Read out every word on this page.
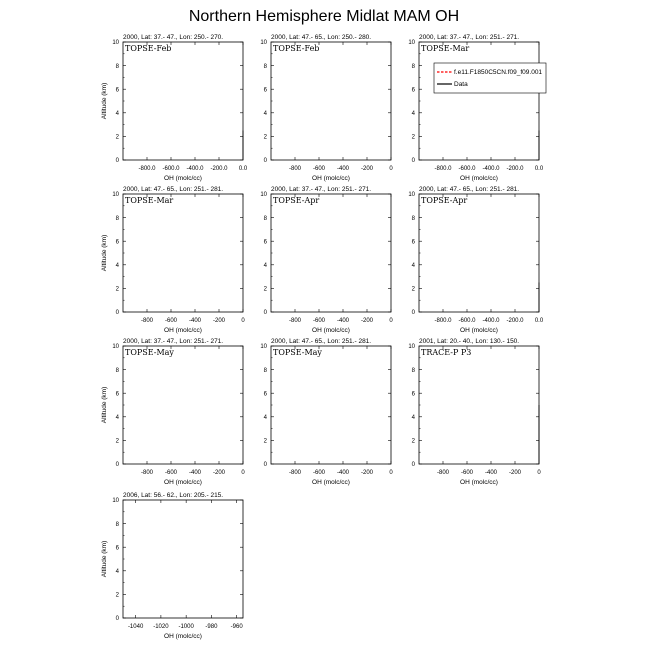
Northern Hemisphere Midlat MAM OH
2000, Lat: 37.- 47., Lon: 250.- 270.
0
2
4
6
8
10
-800.0 -600.0 -400.0 -200.0 0.0
OH (molc/cc)
Altitude (km)
TOPSE-Feb
2000, Lat: 47.- 65., Lon: 250.- 280.
0
2
4
6
8
10
-800 -600 -400 -200	0
OH (molc/cc)
TOPSE-Feb
2000, Lat: 37.- 47., Lon: 251.- 271.
0
2
4
6
8
10
-800.0 -600.0 -400.0 -200.0 0.0
OH (molc/cc)
TOPSE-Mar
2000, Lat: 47.- 65., Lon: 251.- 281.
0
2
4
6
8
10
-800 -600 -400 -200	0
OH (molc/cc)
Altitude (km)
TOPSE-Mar
2000, Lat: 37.- 47., Lon: 251.- 271.
0
2
4
6
8
10
-800 -600 -400 -200	0
OH (molc/cc)
TOPSE-Apr
2000, Lat: 47.- 65., Lon: 251.- 281.
0
2
4
6
8
10
-800.0 -600.0 -400.0 -200.0 0.0
OH (molc/cc)
TOPSE-Apr
2000, Lat: 37.- 47., Lon: 251.- 271.
0
2
4
6
8
10
-800 -600 -400 -200	0
OH (molc/cc)
Altitude (km)
TOPSE-May
2000, Lat: 47.- 65., Lon: 251.- 281.
0
2
4
6
8
10
-800 -600 -400 -200	0
OH (molc/cc)
TOPSE-May
2001, Lat: 20.- 40., Lon: 130.- 150.
0
2
4
6
8
10
-800 -600 -400 -200	0
OH (molc/cc)
TRACE-P P3
2006, Lat: 56.- 62., Lon: 205.- 215.
0
2
4
6
8
10
-1040 -1020 -1000 -980 -960
OH (molc/cc)
Altitude (km)
f.e11.F1850C5CN.f09_f09.001
Data
